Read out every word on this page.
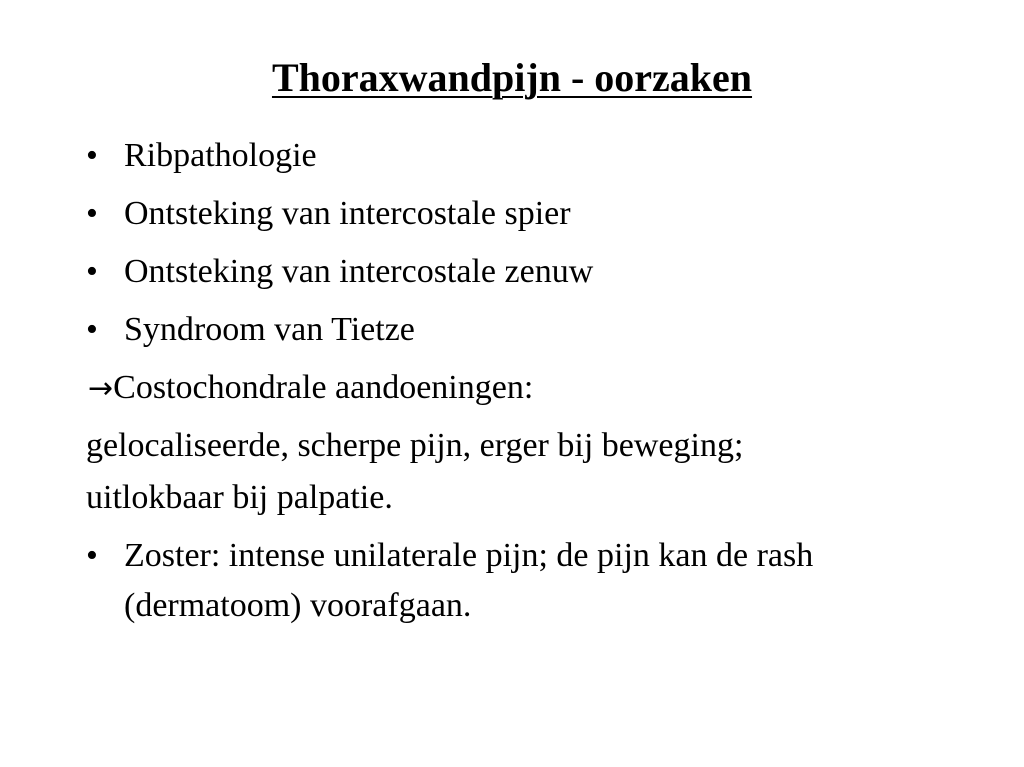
Thoraxwandpijn - oorzaken
• Ribpathologie
• Ontsteking van intercostale spier
• Ontsteking van intercostale zenuw
• Syndroom van Tietze
→Costochondrale aandoeningen:
gelocaliseerde, scherpe pijn, erger bij beweging;
uitlokbaar bij palpatie.
• Zoster: intense unilaterale pijn; de pijn kan de rash
(dermatoom) voorafgaan.
